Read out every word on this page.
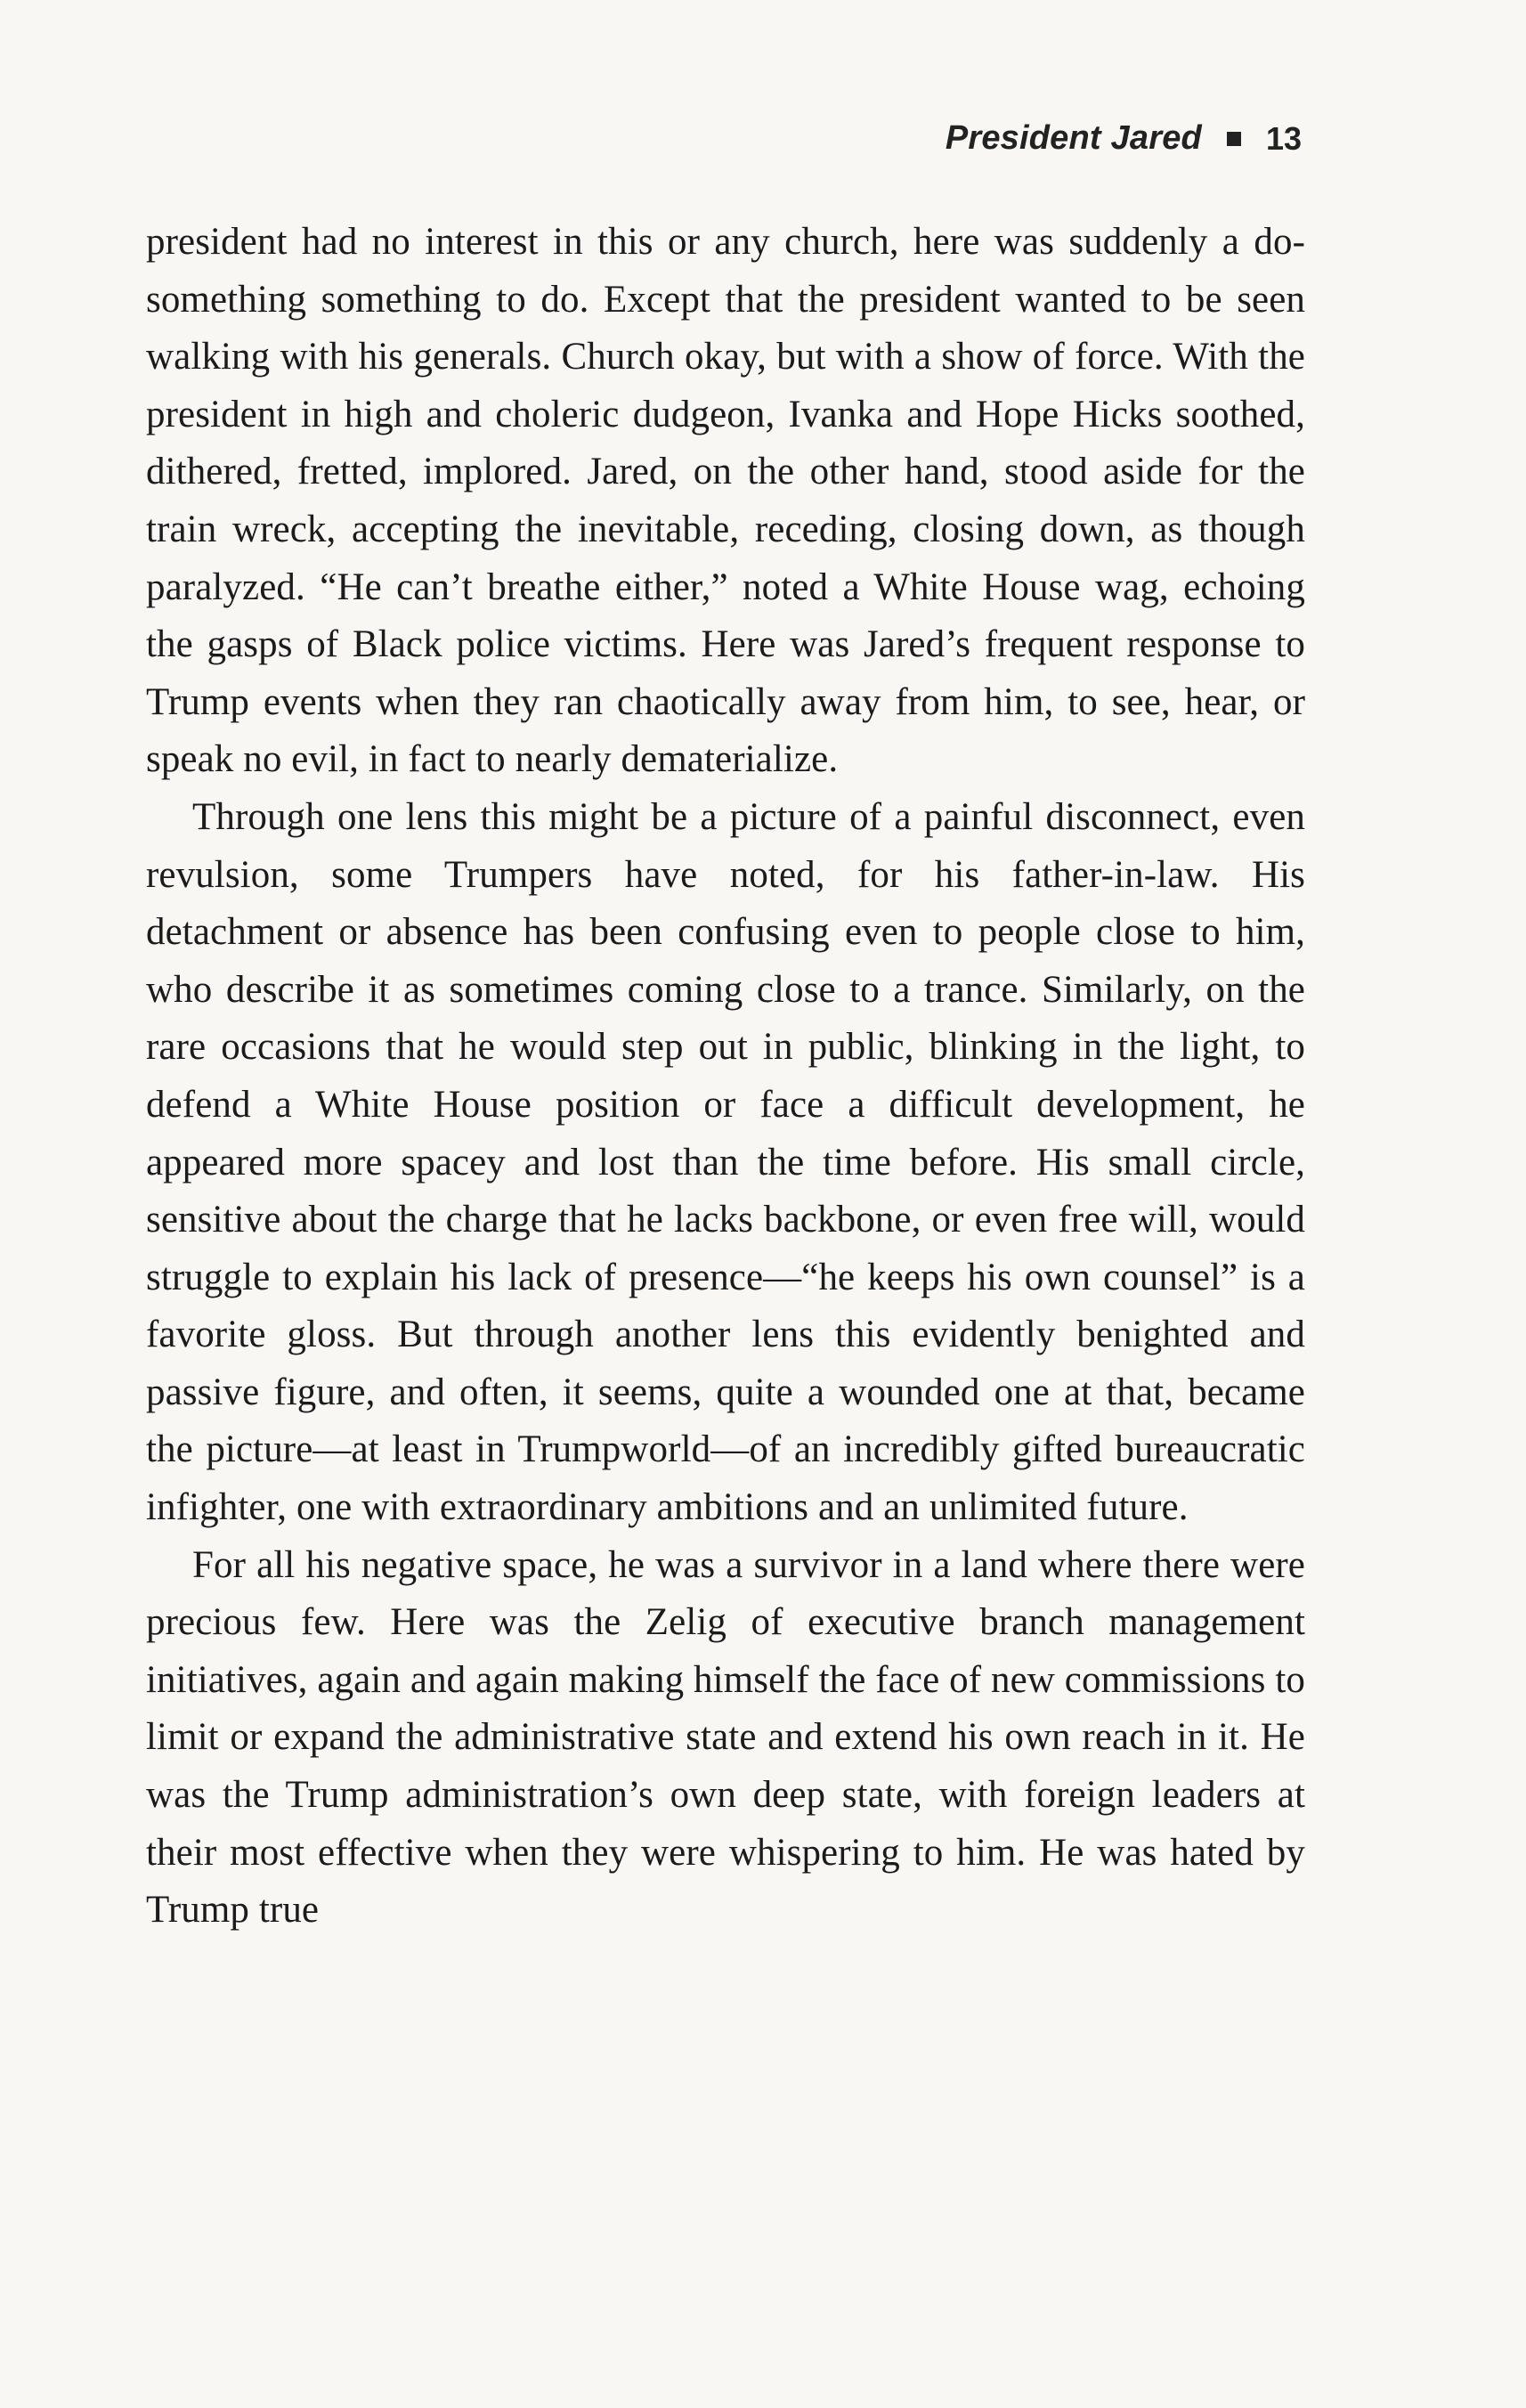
President Jared 13

president had no interest in this or any church, here was suddenly a do-something something to do. Except that the president wanted to be seen walking with his generals. Church okay, but with a show of force. With the president in high and choleric dudgeon, Ivanka and Hope Hicks soothed, dithered, fretted, implored. Jared, on the other hand, stood aside for the train wreck, accepting the inevitable, receding, closing down, as though paralyzed. “He can’t breathe either,” noted a White House wag, echoing the gasps of Black police victims. Here was Jared’s frequent response to Trump events when they ran chaotically away from him, to see, hear, or speak no evil, in fact to nearly dematerialize.

Through one lens this might be a picture of a painful disconnect, even revulsion, some Trumpers have noted, for his father-in-law. His detachment or absence has been confusing even to people close to him, who describe it as sometimes coming close to a trance. Similarly, on the rare occasions that he would step out in public, blinking in the light, to defend a White House position or face a difficult development, he appeared more spacey and lost than the time before. His small circle, sensitive about the charge that he lacks backbone, or even free will, would struggle to explain his lack of presence—“he keeps his own counsel” is a favorite gloss. But through another lens this evidently benighted and passive figure, and often, it seems, quite a wounded one at that, became the picture—at least in Trumpworld—of an incredibly gifted bureaucratic infighter, one with extraordinary ambitions and an unlimited future.

For all his negative space, he was a survivor in a land where there were precious few. Here was the Zelig of executive branch management initiatives, again and again making himself the face of new commissions to limit or expand the administrative state and extend his own reach in it. He was the Trump administration’s own deep state, with foreign leaders at their most effective when they were whispering to him. He was hated by Trump true
